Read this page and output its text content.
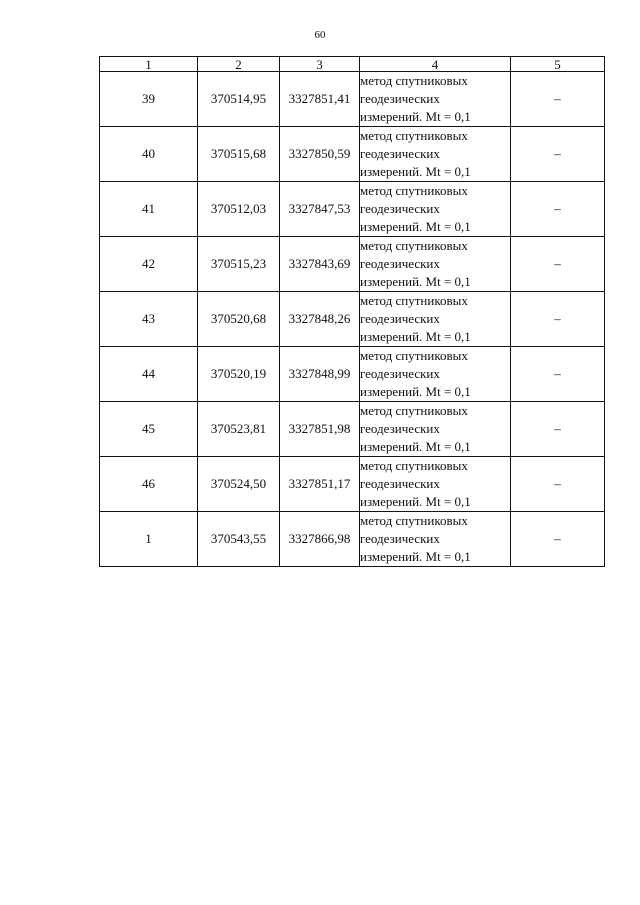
60
1	2	3	4	5
39	370514,95	3327851,41	метод спутниковых
геодезических
измерений. Mt = 0,1	–
40	370515,68	3327850,59	метод спутниковых
геодезических
измерений. Mt = 0,1	–
41	370512,03	3327847,53	метод спутниковых
геодезических
измерений. Mt = 0,1	–
42	370515,23	3327843,69	метод спутниковых
геодезических
измерений. Mt = 0,1	–
43	370520,68	3327848,26	метод спутниковых
геодезических
измерений. Mt = 0,1	–
44	370520,19	3327848,99	метод спутниковых
геодезических
измерений. Mt = 0,1	–
45	370523,81	3327851,98	метод спутниковых
геодезических
измерений. Mt = 0,1	–
46	370524,50	3327851,17	метод спутниковых
геодезических
измерений. Mt = 0,1	–
1	370543,55	3327866,98	метод спутниковых
геодезических
измерений. Mt = 0,1	–
